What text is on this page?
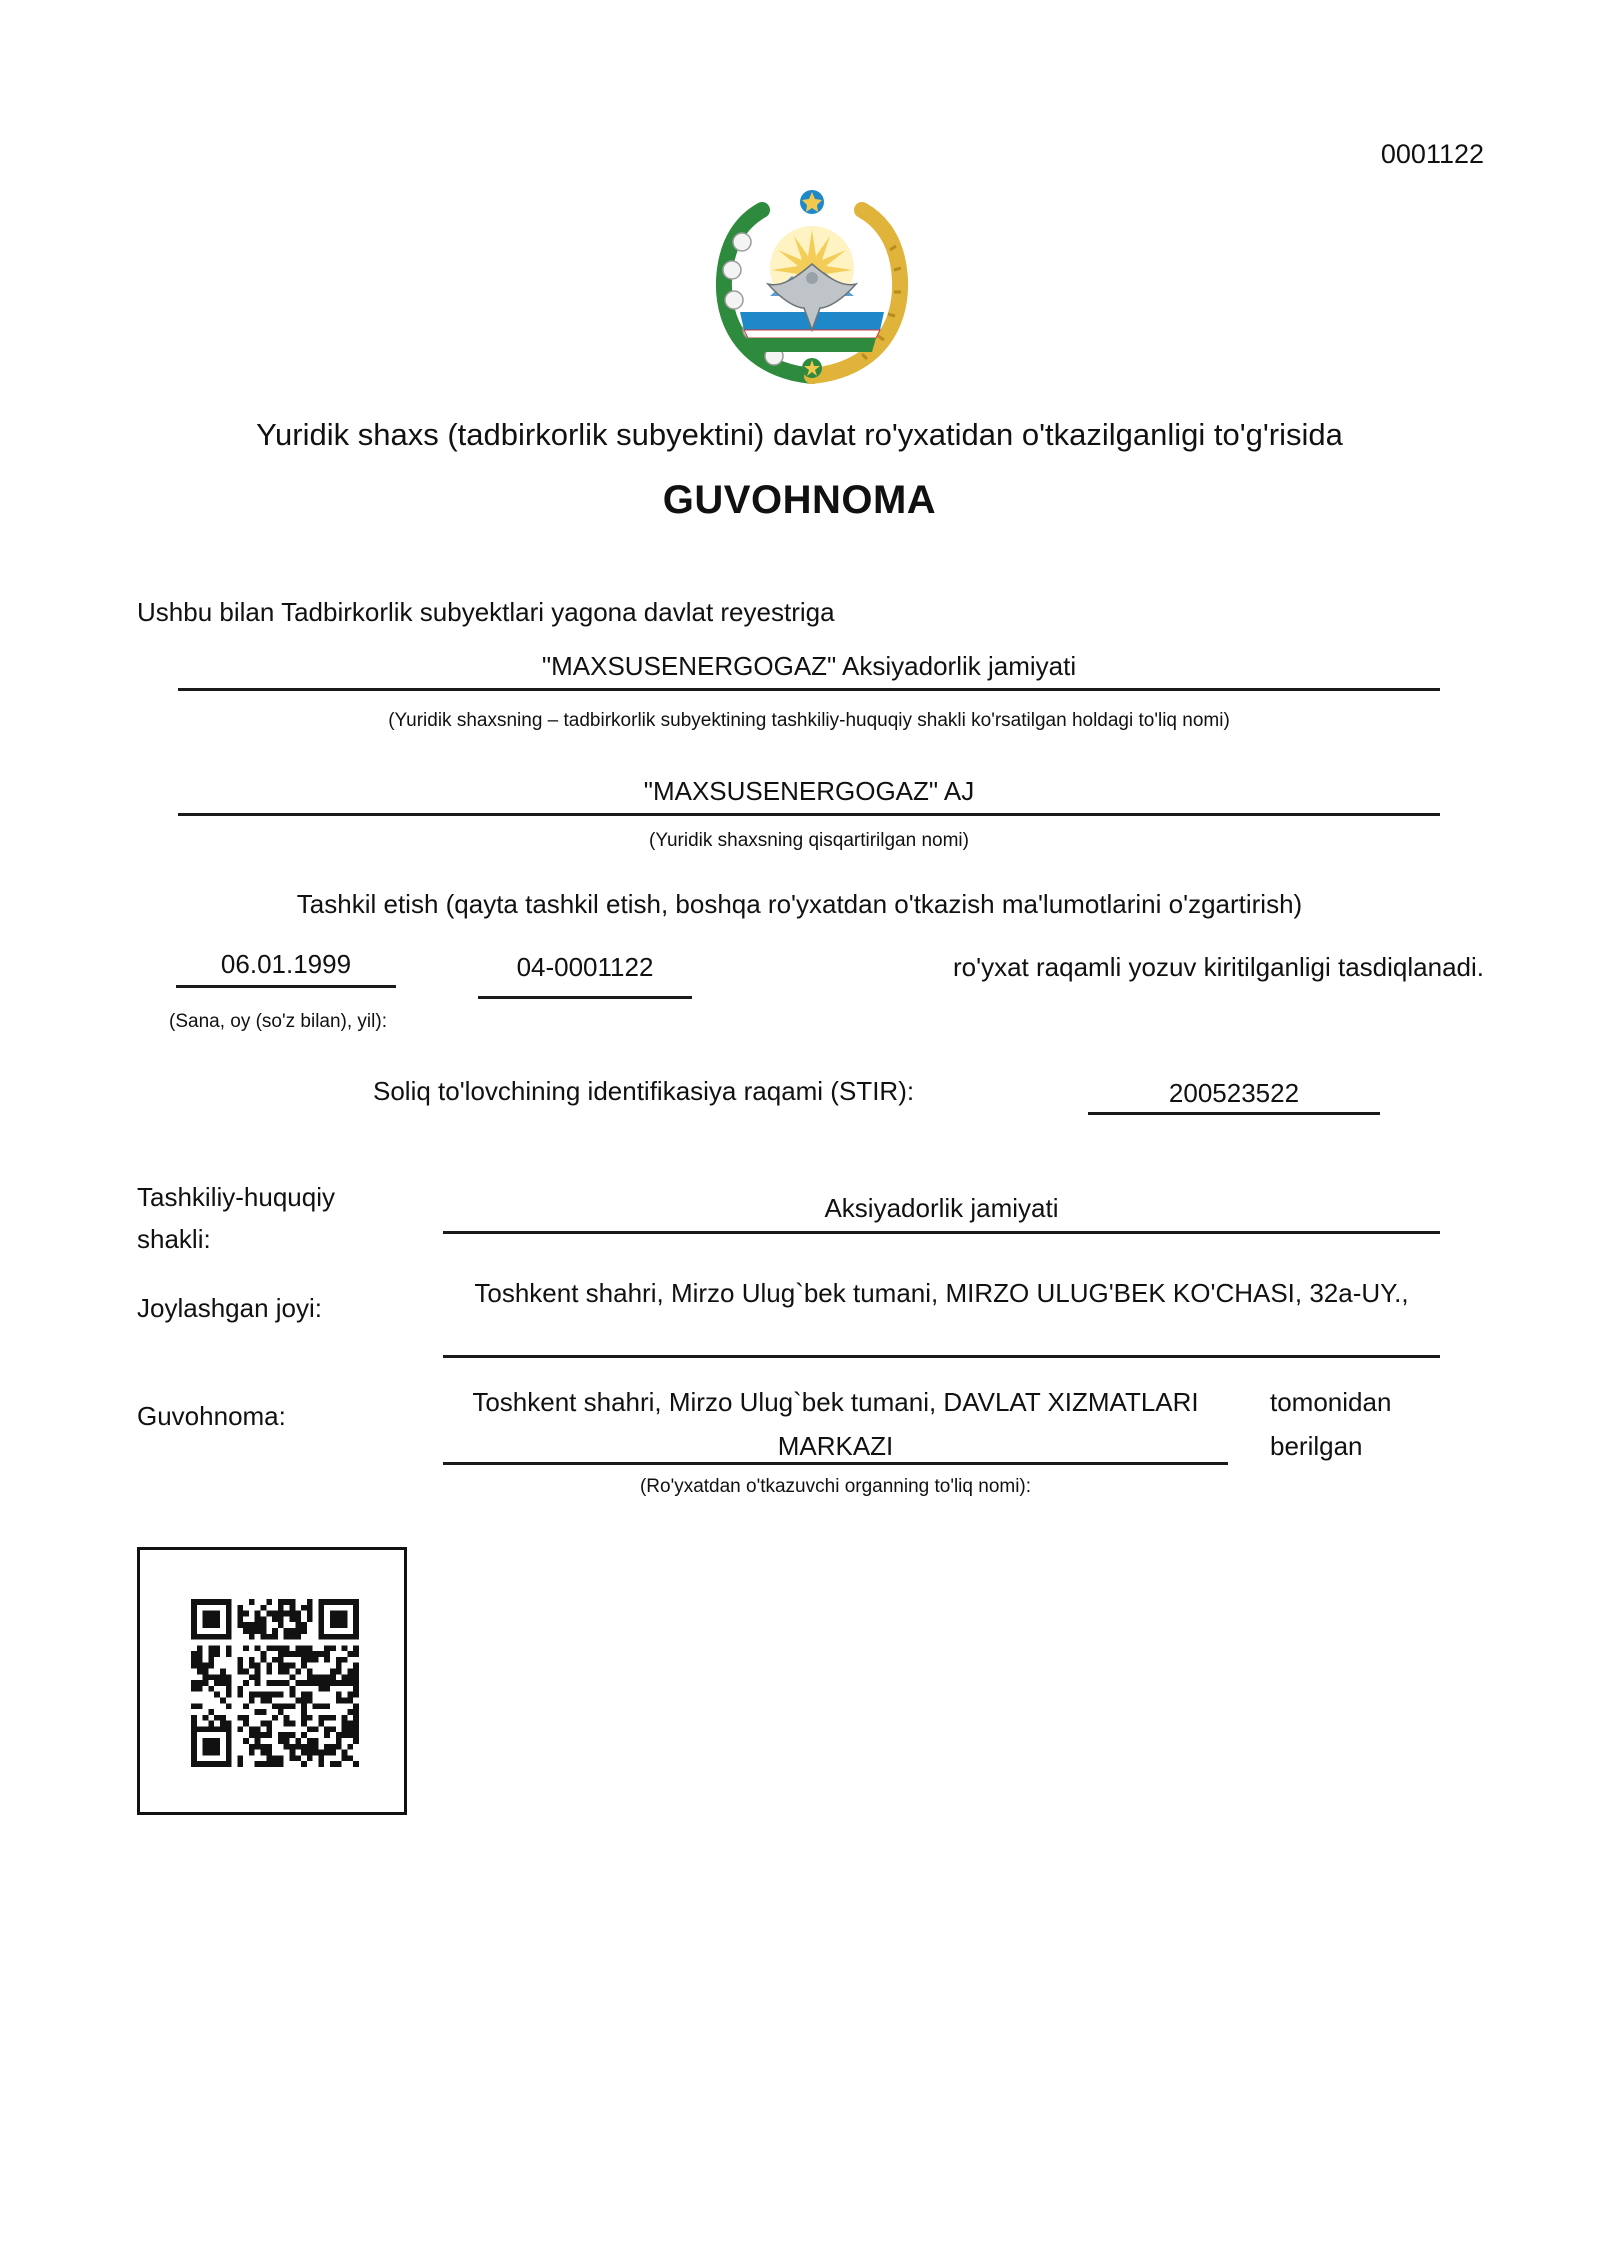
0001122
Yuridik shaxs (tadbirkorlik subyektini) davlat ro'yxatidan o'tkazilganligi to'g'risida
GUVOHNOMA
Ushbu bilan Tadbirkorlik subyektlari yagona davlat reyestriga
"MAXSUSENERGOGAZ" Aksiyadorlik jamiyati
(Yuridik shaxsning – tadbirkorlik subyektining tashkiliy-huquqiy shakli ko'rsatilgan holdagi to'liq nomi)
"MAXSUSENERGOGAZ" AJ
(Yuridik shaxsning qisqartirilgan nomi)
Tashkil etish (qayta tashkil etish, boshqa ro'yxatdan o'tkazish ma'lumotlarini o'zgartirish)
06.01.1999	04-0001122	ro'yxat raqamli yozuv kiritilganligi tasdiqlanadi.
(Sana, oy (so'z bilan), yil):
Soliq to'lovchining identifikasiya raqami (STIR):	200523522
Tashkiliy-huquqiy shakli:
Aksiyadorlik jamiyati
Joylashgan joyi:	Toshkent shahri, Mirzo Ulug`bek tumani, MIRZO ULUG'BEK KO'CHASI, 32a-UY.,
Guvohnoma:	Toshkent shahri, Mirzo Ulug`bek tumani, DAVLAT XIZMATLARI MARKAZI
tomonidan berilgan
(Ro'yxatdan o'tkazuvchi organning to'liq nomi):
